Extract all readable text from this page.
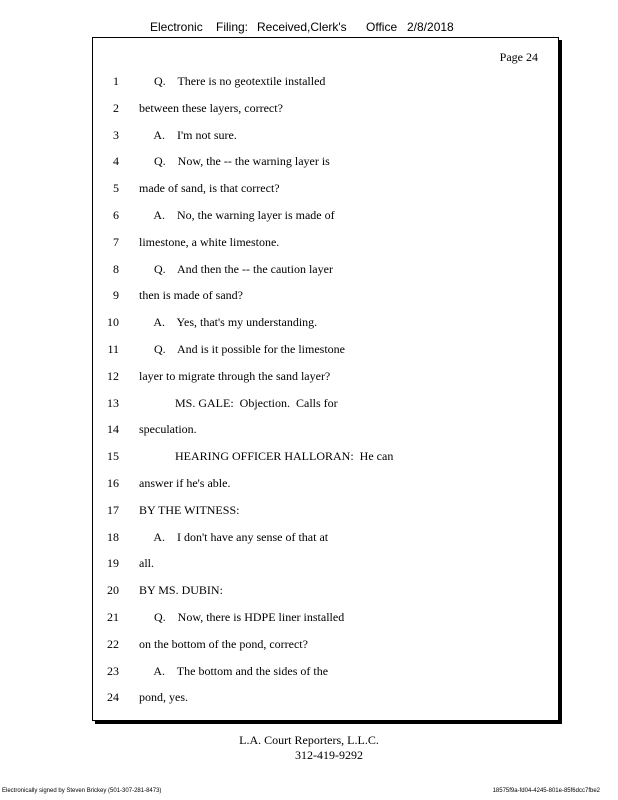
Electronic Filing: Received,Clerk's Office 2/8/2018
Page 24
1 Q.    There is no geotextile installed
2 between these layers, correct?
3 A.    I'm not sure.
4 Q.    Now, the -- the warning layer is
5 made of sand, is that correct?
6 A.    No, the warning layer is made of
7 limestone, a white limestone.
8 Q.    And then the -- the caution layer
9 then is made of sand?
10 A.    Yes, that's my understanding.
11 Q.    And is it possible for the limestone
12 layer to migrate through the sand layer?
13 MS. GALE:  Objection.  Calls for
14 speculation.
15 HEARING OFFICER HALLORAN:  He can
16 answer if he's able.
17 BY THE WITNESS:
18 A.    I don't have any sense of that at
19 all.
20 BY MS. DUBIN:
21 Q.    Now, there is HDPE liner installed
22 on the bottom of the pond, correct?
23 A.    The bottom and the sides of the
24 pond, yes.
L.A. Court Reporters, L.L.C.
312-419-9292
Electronically signed by Steven Brickey (501-307-281-8473)	18575f9a-fd04-4245-801e-85f6dcc7fbe2
